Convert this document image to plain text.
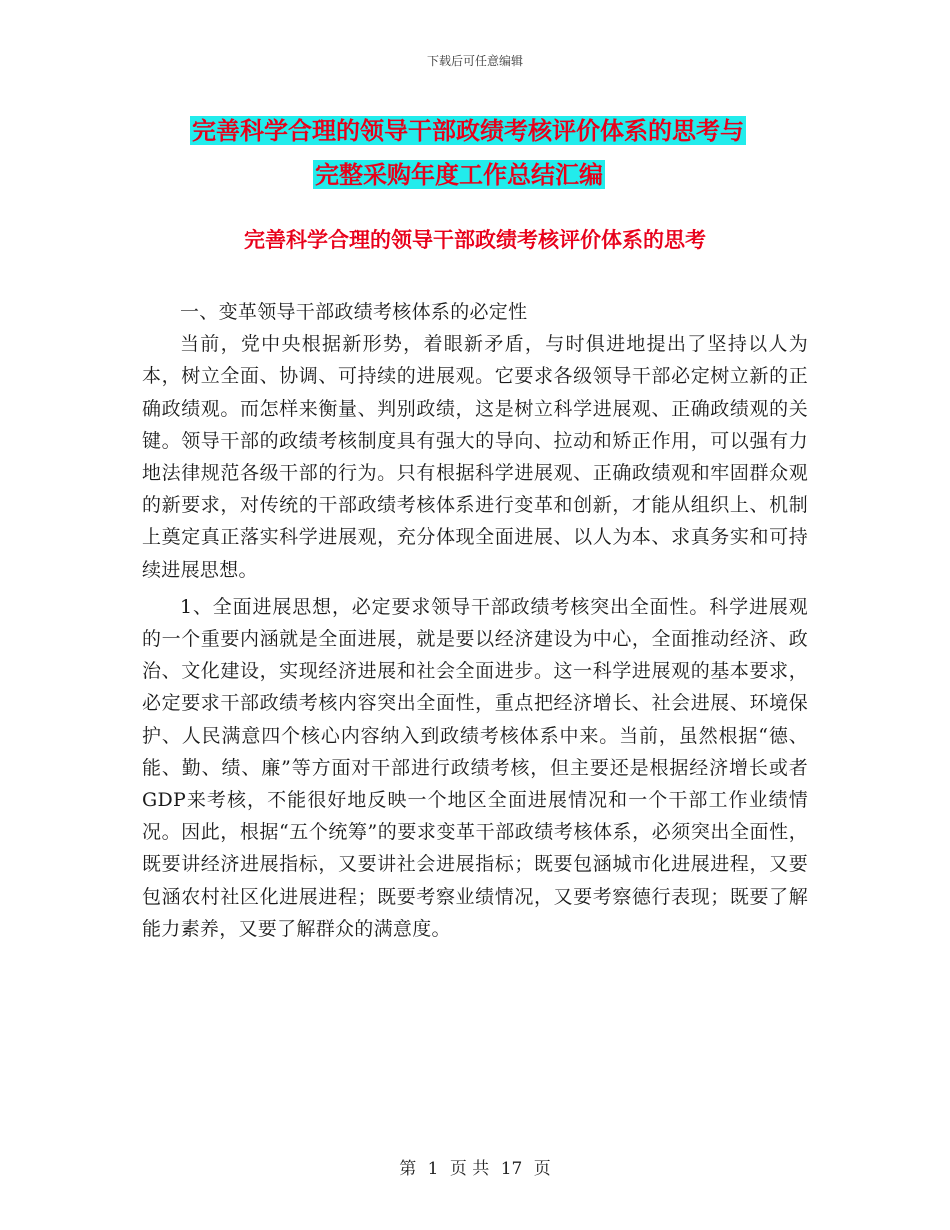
下载后可任意编辑
完善科学合理的领导干部政绩考核评价体系的思考与
完整采购年度工作总结汇编
完善科学合理的领导干部政绩考核评价体系的思考

一、变革领导干部政绩考核体系的必定性

当前，党中央根据新形势，着眼新矛盾，与时俱进地提出了坚持以人为本，树立全面、协调、可持续的进展观。它要求各级领导干部必定树立新的正确政绩观。而怎样来衡量、判别政绩，这是树立科学进展观、正确政绩观的关键。领导干部的政绩考核制度具有强大的导向、拉动和矫正作用，可以强有力地法律规范各级干部的行为。只有根据科学进展观、正确政绩观和牢固群众观的新要求，对传统的干部政绩考核体系进行变革和创新，才能从组织上、机制上奠定真正落实科学进展观，充分体现全面进展、以人为本、求真务实和可持续进展思想。

1、全面进展思想，必定要求领导干部政绩考核突出全面性。科学进展观的一个重要内涵就是全面进展，就是要以经济建设为中心，全面推动经济、政治、文化建设，实现经济进展和社会全面进步。这一科学进展观的基本要求，必定要求干部政绩考核内容突出全面性，重点把经济增长、社会进展、环境保护、人民满意四个核心内容纳入到政绩考核体系中来。当前，虽然根据“德、能、勤、绩、廉”等方面对干部进行政绩考核，但主要还是根据经济增长或者GDP来考核，不能很好地反映一个地区全面进展情况和一个干部工作业绩情况。因此，根据“五个统筹”的要求变革干部政绩考核体系，必须突出全面性，既要讲经济进展指标，又要讲社会进展指标；既要包涵城市化进展进程，又要包涵农村社区化进展进程；既要考察业绩情况，又要考察德行表现；既要了解能力素养，又要了解群众的满意度。

第 1 页 共 17 页
